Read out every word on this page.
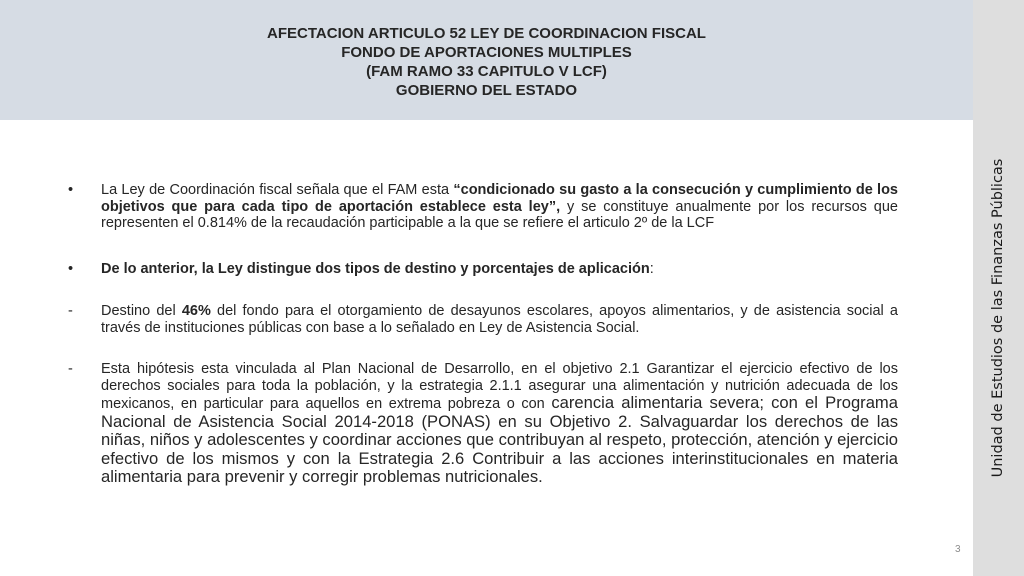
AFECTACION ARTICULO 52 LEY DE COORDINACION FISCAL
FONDO DE APORTACIONES MULTIPLES
(FAM RAMO 33 CAPITULO V LCF)
GOBIERNO DEL ESTADO
Unidad de Estudios de las Finanzas Públicas
•	La Ley de Coordinación fiscal señala que el FAM esta “condicionado su gasto a la consecución y cumplimiento de los objetivos que para cada tipo de aportación establece esta ley”, y se constituye anualmente por los recursos que representen el 0.814% de la recaudación participable a la que se refiere el articulo 2º de la LCF
•	De lo anterior, la Ley distingue dos tipos de destino y porcentajes de aplicación:
-	Destino del 46% del fondo para el otorgamiento de desayunos escolares, apoyos alimentarios, y de asistencia social a través de instituciones públicas con base a lo señalado en Ley de Asistencia Social.
-	Esta hipótesis esta vinculada al Plan Nacional de Desarrollo, en el objetivo 2.1 Garantizar el ejercicio efectivo de los derechos sociales para toda la población, y la estrategia 2.1.1 asegurar una alimentación y nutrición adecuada de los mexicanos, en particular para aquellos en extrema pobreza o con carencia alimentaria severa; con el Programa Nacional de Asistencia Social 2014-2018 (PONAS) en su Objetivo 2. Salvaguardar los derechos de las niñas, niños y adolescentes y coordinar acciones que contribuyan al respeto, protección, atención y ejercicio efectivo de los mismos y con la Estrategia 2.6 Contribuir a las acciones interinstitucionales en materia alimentaria para prevenir y corregir problemas nutricionales.
3
